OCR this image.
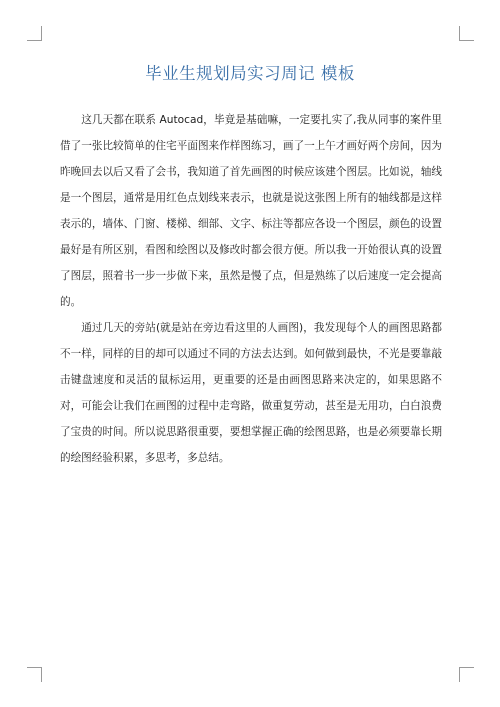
毕业生规划局实习周记 模板

这几天都在联系 Autocad，毕竟是基础嘛，一定要扎实了,我从同事的案件里借了一张比较简单的住宅平面图来作样图练习，画了一上午才画好两个房间，因为昨晚回去以后又看了会书，我知道了首先画图的时候应该建个图层。比如说，轴线是一个图层，通常是用红色点划线来表示，也就是说这张图上所有的轴线都是这样表示的，墙体、门窗、楼梯、细部、文字、标注等都应各设一个图层，颜色的设置最好是有所区别，看图和绘图以及修改时都会很方便。所以我一开始很认真的设置了图层，照着书一步一步做下来，虽然是慢了点，但是熟练了以后速度一定会提高的。

通过几天的旁站(就是站在旁边看这里的人画图)，我发现每个人的画图思路都不一样，同样的目的却可以通过不同的方法去达到。如何做到最快，不光是要靠敲击键盘速度和灵活的鼠标运用，更重要的还是由画图思路来决定的，如果思路不对，可能会让我们在画图的过程中走弯路，做重复劳动，甚至是无用功，白白浪费了宝贵的时间。所以说思路很重要，要想掌握正确的绘图思路，也是必须要靠长期的绘图经验积累，多思考，多总结。
